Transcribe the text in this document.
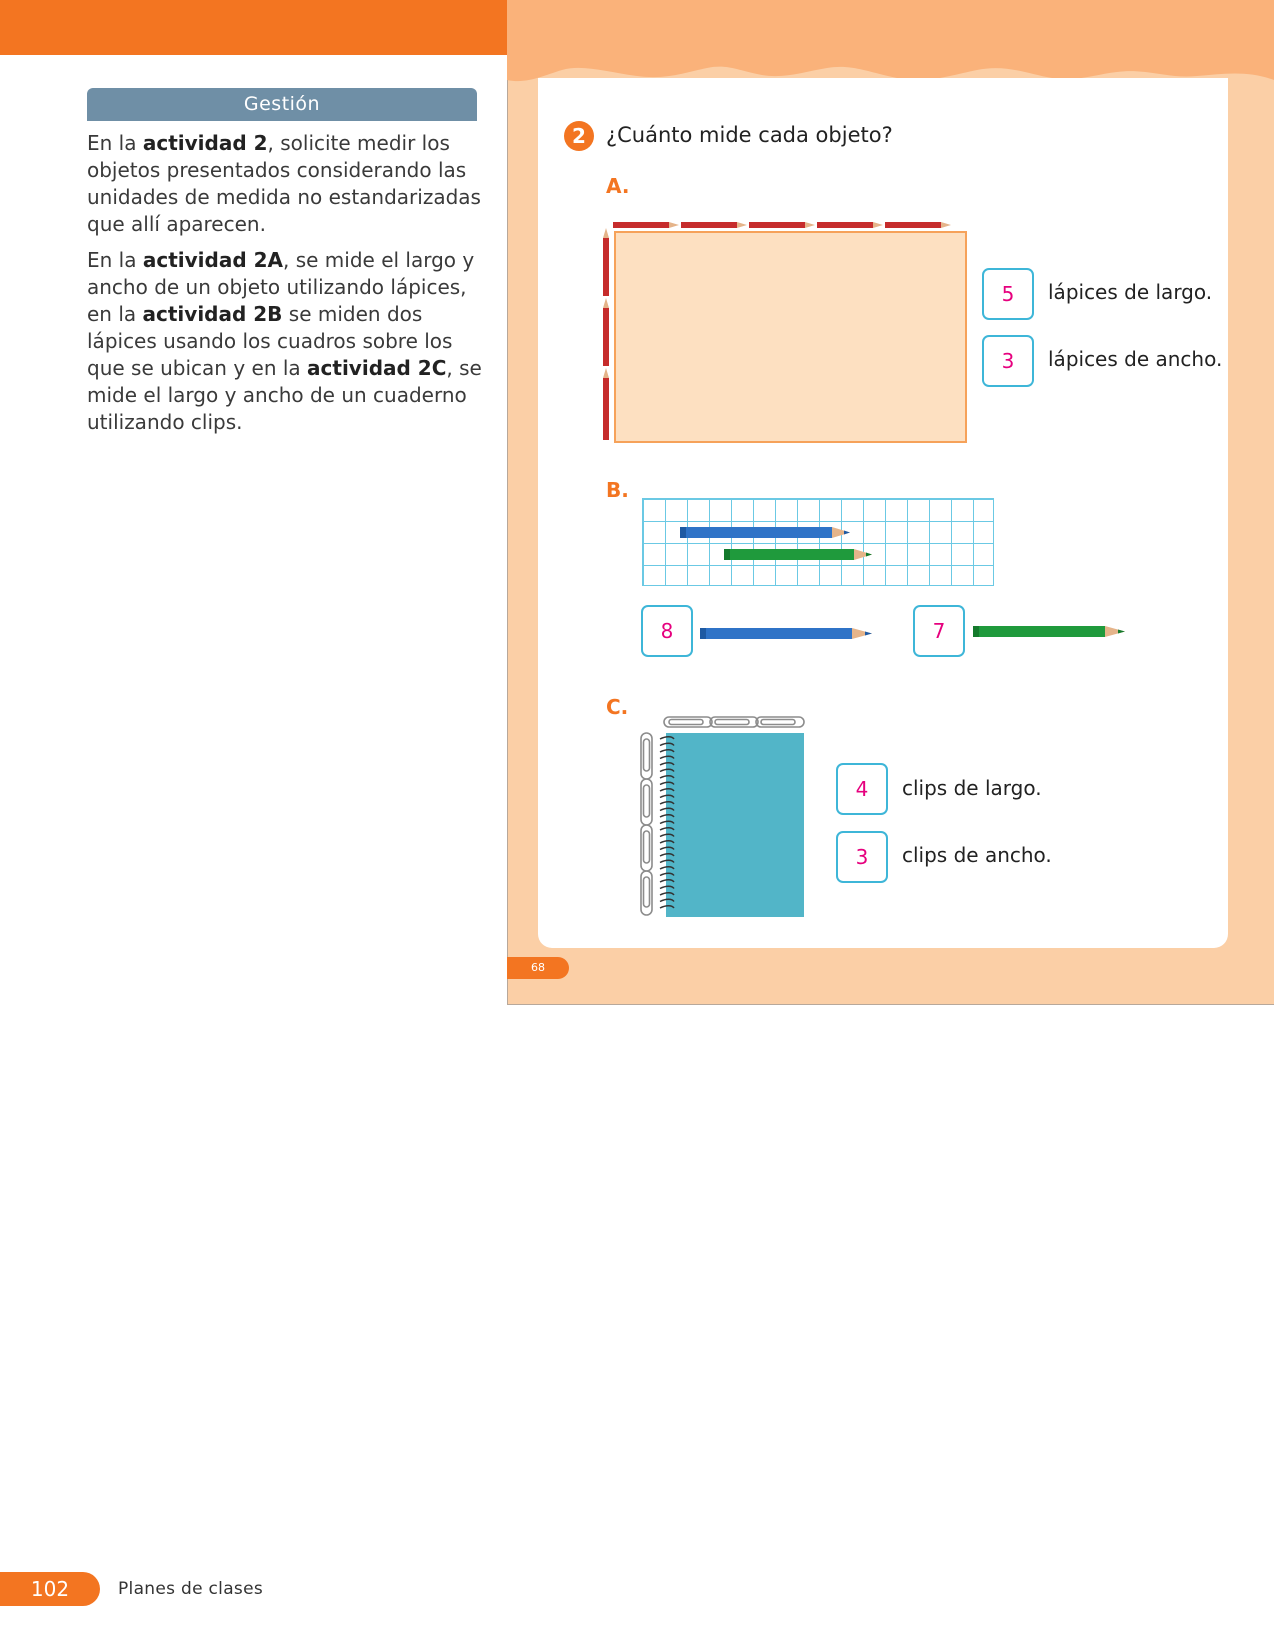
Gestión

En la actividad 2, solicite medir los objetos presentados considerando las unidades de medida no estandarizadas que allí aparecen.

En la actividad 2A, se mide el largo y ancho de un objeto utilizando lápices, en la actividad 2B se miden dos lápices usando los cuadros sobre los que se ubican y en la actividad 2C, se mide el largo y ancho de un cuaderno utilizando clips.

2 ¿Cuánto mide cada objeto?
A.
5	lápices de largo.
3	lápices de ancho.
B.
8	7
C.
4	clips de largo.
3	clips de ancho.
68
102	Planes de clases
